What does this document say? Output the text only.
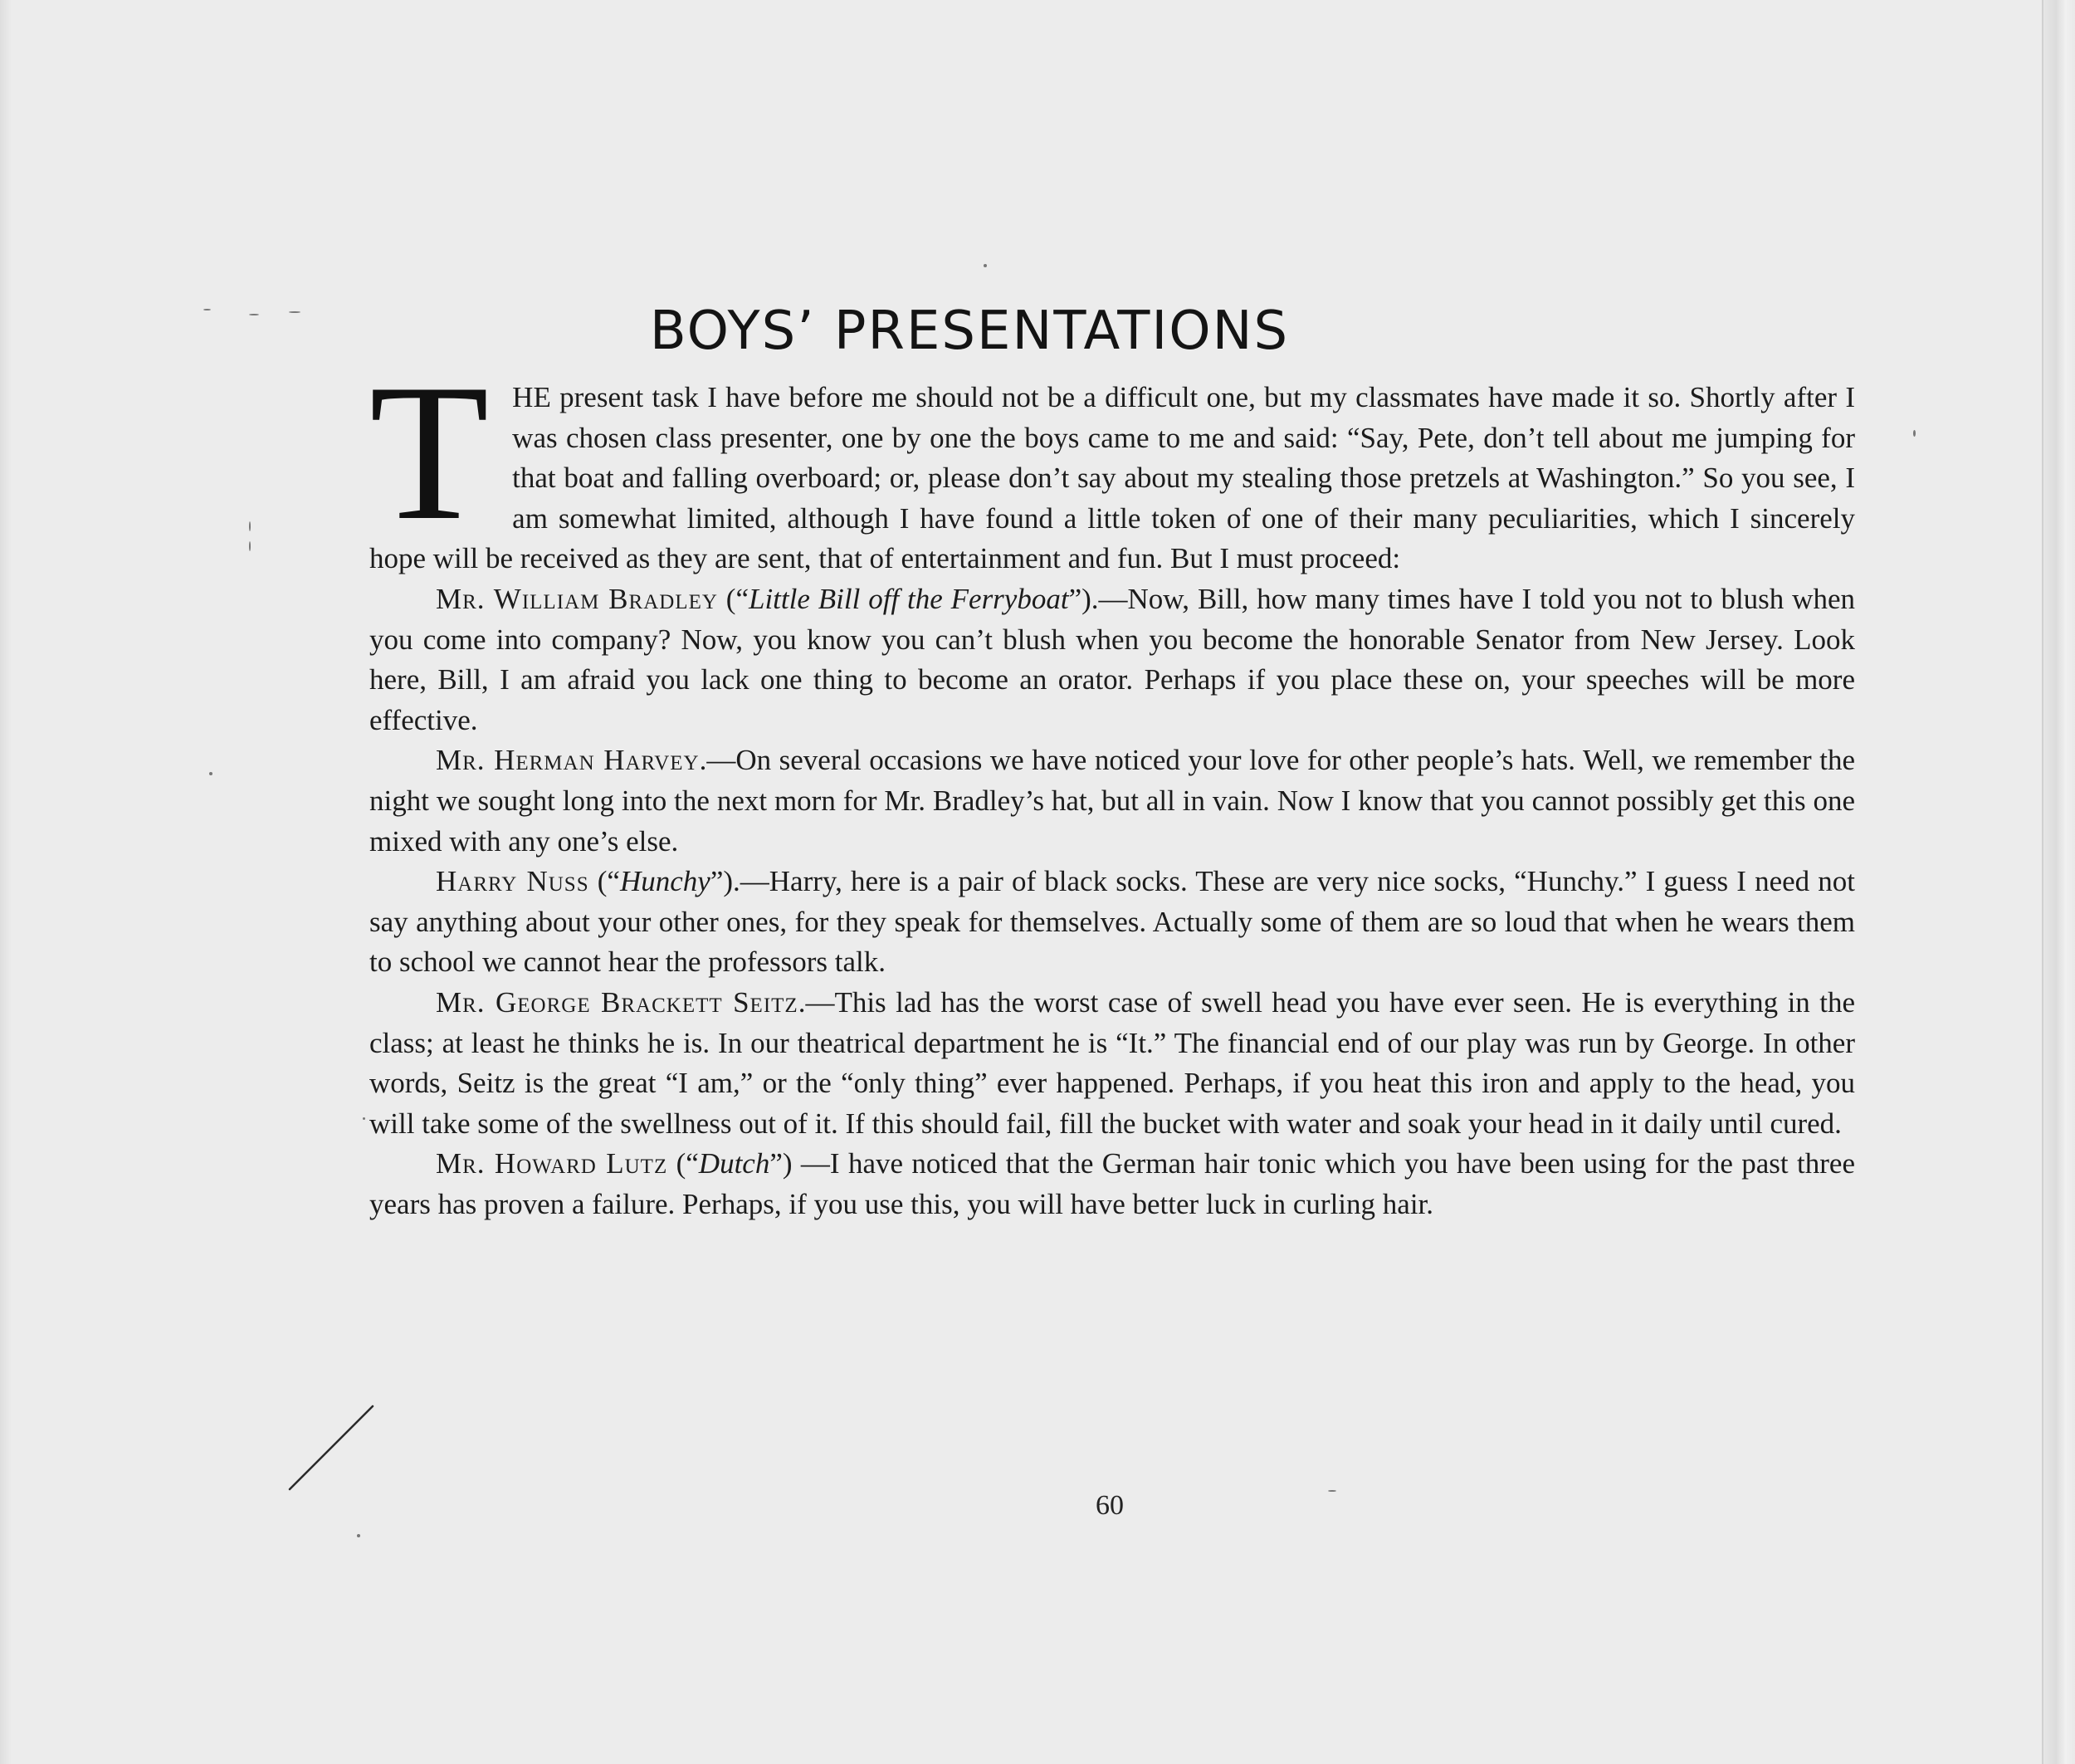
BOYS’ PRESENTATIONS
T HE present task I have before me should not be a difficult one, but my classmates have made it so. Shortly after I was chosen class presenter, one by one the boys came to me and said: “Say, Pete, don’t tell about me jumping for that boat and falling overboard; or, please don’t say about my stealing those pretzels at Washington.” So you see, I am somewhat limited, although I have found a little token of one of their many peculiarities, which I sincerely hope will be received as they are sent, that of entertainment and fun. But I must proceed:

Mr. William Bradley (“Little Bill off the Ferryboat”).—Now, Bill, how many times have I told you not to blush when you come into company? Now, you know you can’t blush when you become the honorable Senator from New Jersey. Look here, Bill, I am afraid you lack one thing to become an orator. Perhaps if you place these on, your speeches will be more effective.

Mr. Herman Harvey.—On several occasions we have noticed your love for other people’s hats. Well, we remember the night we sought long into the next morn for Mr. Bradley’s hat, but all in vain. Now I know that you cannot possibly get this one mixed with any one’s else.

Harry Nuss (“Hunchy”).—Harry, here is a pair of black socks. These are very nice socks, “Hunchy.” I guess I need not say anything about your other ones, for they speak for themselves. Actually some of them are so loud that when he wears them to school we cannot hear the professors talk.

Mr. George Brackett Seitz.—This lad has the worst case of swell head you have ever seen. He is everything in the class; at least he thinks he is. In our theatrical department he is “It.” The financial end of our play was run by George. In other words, Seitz is the great “I am,” or the “only thing” ever happened. Perhaps, if you heat this iron and apply to the head, you will take some of the swellness out of it. If this should fail, fill the bucket with water and soak your head in it daily until cured.

Mr. Howard Lutz (“Dutch”) —I have noticed that the German hair tonic which you have been using for the past three years has proven a failure. Perhaps, if you use this, you will have better luck in curling hair.

60
